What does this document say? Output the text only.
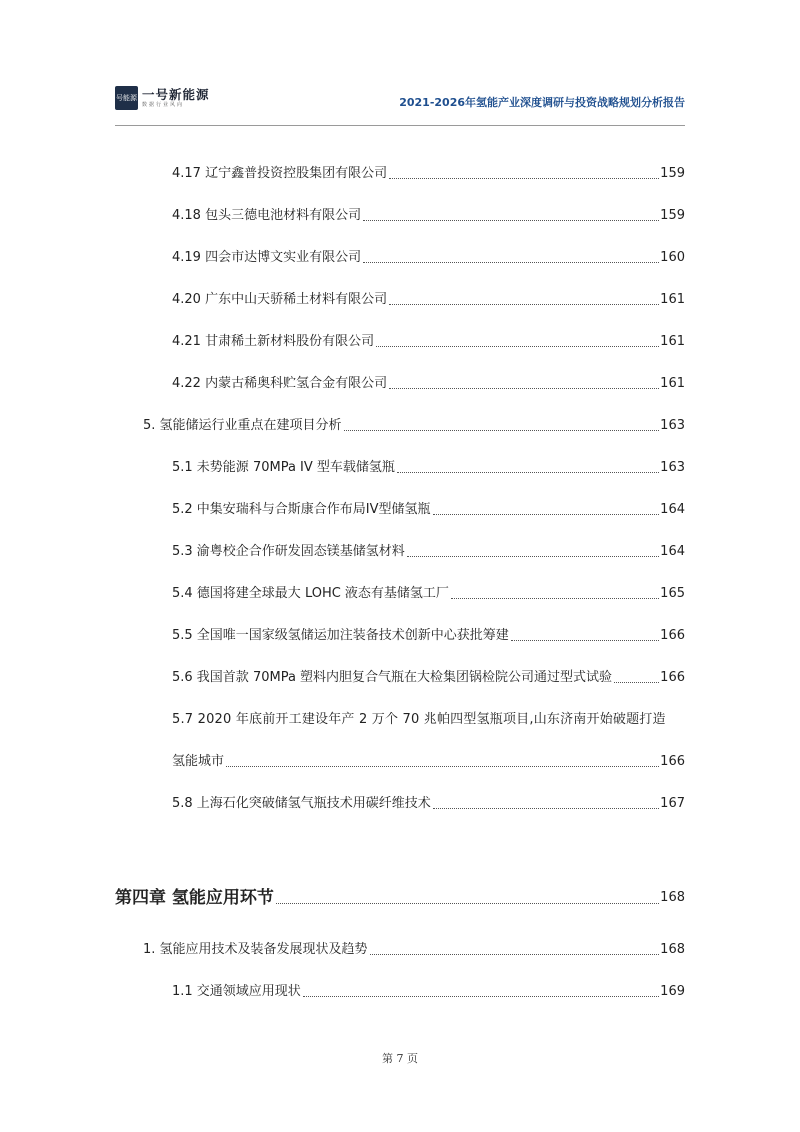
号能源 一号新能源
数据行业风向	2021-2026年氢能产业深度调研与投资战略规划分析报告
4.17 辽宁鑫普投资控股集团有限公司	159
4.18 包头三德电池材料有限公司	159
4.19 四会市达博文实业有限公司	160
4.20 广东中山天骄稀土材料有限公司	161
4.21 甘肃稀土新材料股份有限公司	161
4.22 内蒙古稀奥科贮氢合金有限公司	161
5. 氢能储运行业重点在建项目分析	163
5.1 未势能源 70MPa IV 型车载储氢瓶	163
5.2 中集安瑞科与合斯康合作布局IV型储氢瓶	164
5.3 渝粤校企合作研发固态镁基储氢材料	164
5.4 德国将建全球最大 LOHC 液态有基储氢工厂	165
5.5 全国唯一国家级氢储运加注装备技术创新中心获批筹建	166
5.6 我国首款 70MPa 塑料内胆复合气瓶在大检集团锅检院公司通过型式试验	166
5.7 2020 年底前开工建设年产 2 万个 70 兆帕四型氢瓶项目,山东济南开始破题打造
氢能城市	166
5.8 上海石化突破储氢气瓶技术用碳纤维技术	167
第四章 氢能应用环节	168
1. 氢能应用技术及装备发展现状及趋势	168
1.1 交通领域应用现状	169
第 7 页
